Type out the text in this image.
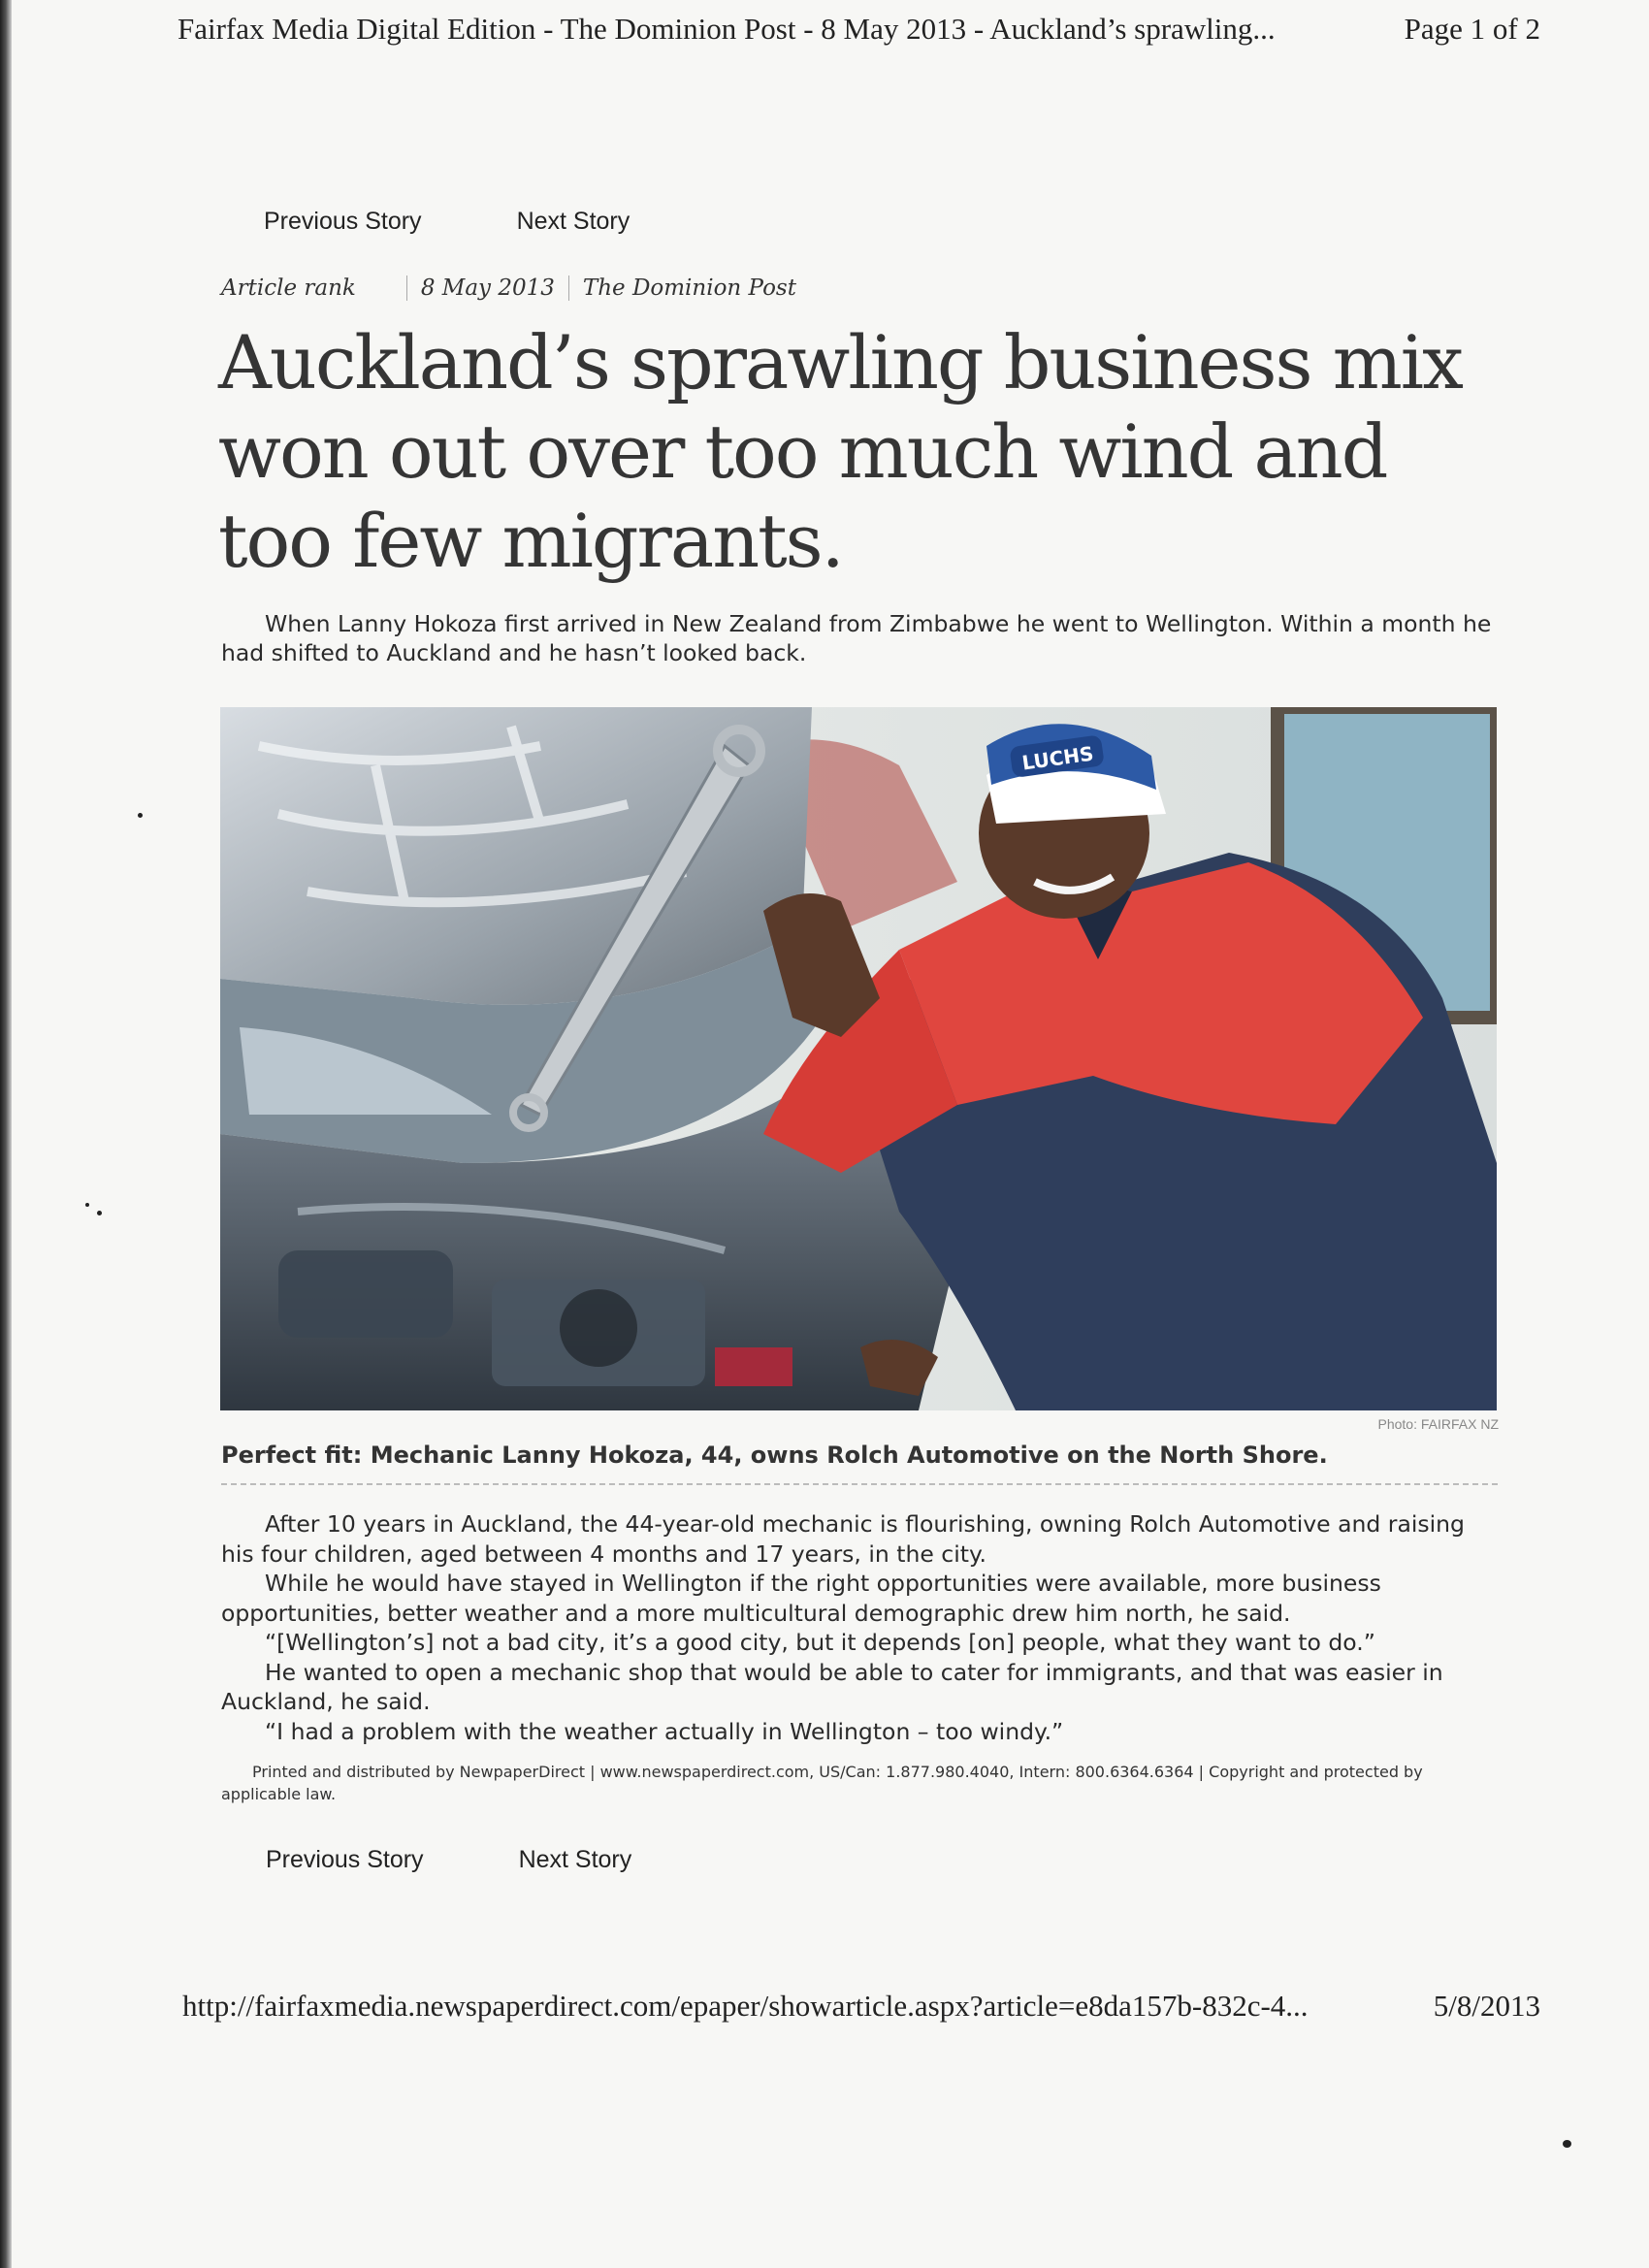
Fairfax Media Digital Edition - The Dominion Post - 8 May 2013 - Auckland’s sprawling...	Page 1 of 2
Previous Story	Next Story
Article rank	8 May 2013 The Dominion Post
Auckland’s sprawling business mix won out over too much wind and too few migrants.

When Lanny Hokoza first arrived in New Zealand from Zimbabwe he went to Wellington. Within a month he had shifted to Auckland and he hasn’t looked back.

LUCHS
Photo: FAIRFAX NZ

Perfect fit: Mechanic Lanny Hokoza, 44, owns Rolch Automotive on the North Shore.

After 10 years in Auckland, the 44-year-old mechanic is flourishing, owning Rolch Automotive and raising his four children, aged between 4 months and 17 years, in the city.

While he would have stayed in Wellington if the right opportunities were available, more business opportunities, better weather and a more multicultural demographic drew him north, he said.

“[Wellington’s] not a bad city, it’s a good city, but it depends [on] people, what they want to do.”

He wanted to open a mechanic shop that would be able to cater for immigrants, and that was easier in Auckland, he said.

“I had a problem with the weather actually in Wellington – too windy.”

Printed and distributed by NewpaperDirect | www.newspaperdirect.com, US/Can: 1.877.980.4040, Intern: 800.6364.6364 | Copyright and protected by applicable law.

Previous Story	Next Story
http://fairfaxmedia.newspaperdirect.com/epaper/showarticle.aspx?article=e8da157b-832c-4...	5/8/2013
